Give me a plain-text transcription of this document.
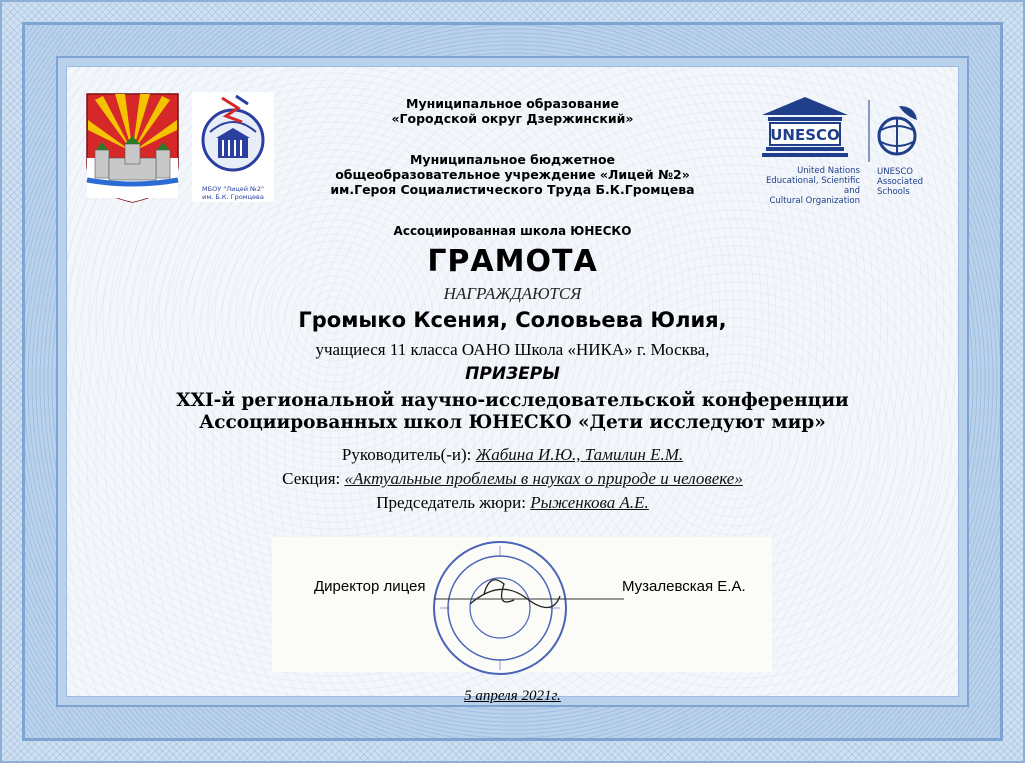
МБОУ "Лицей №2"
им. Б.К. Громцева
UNESCO
United Nations
Educational, Scientific and
Cultural Organization
UNESCO
Associated
Schools
Муниципальное образование
«Городской округ Дзержинский»
Муниципальное бюджетное
общеобразовательное учреждение «Лицей №2»
им.Героя Социалистического Труда Б.К.Громцева
Ассоциированная школа ЮНЕСКО
ГРАМОТА
НАГРАЖДАЮТСЯ
Громыко Ксения, Соловьева Юлия,
учащиеся 11 класса ОАНО Школа «НИКА» г. Москва,
ПРИЗЕРЫ
XXI-й региональной научно-исследовательской конференции
Ассоциированных школ ЮНЕСКО «Дети исследуют мир»
Руководитель(-и): Жабина И.Ю., Тамилин Е.М.
Секция: «Актуальные проблемы в науках о природе и человеке»
Председатель жюри: Рыженкова А.Е.
Директор лицея	Музалевская Е.А.
5 апреля 2021г.
